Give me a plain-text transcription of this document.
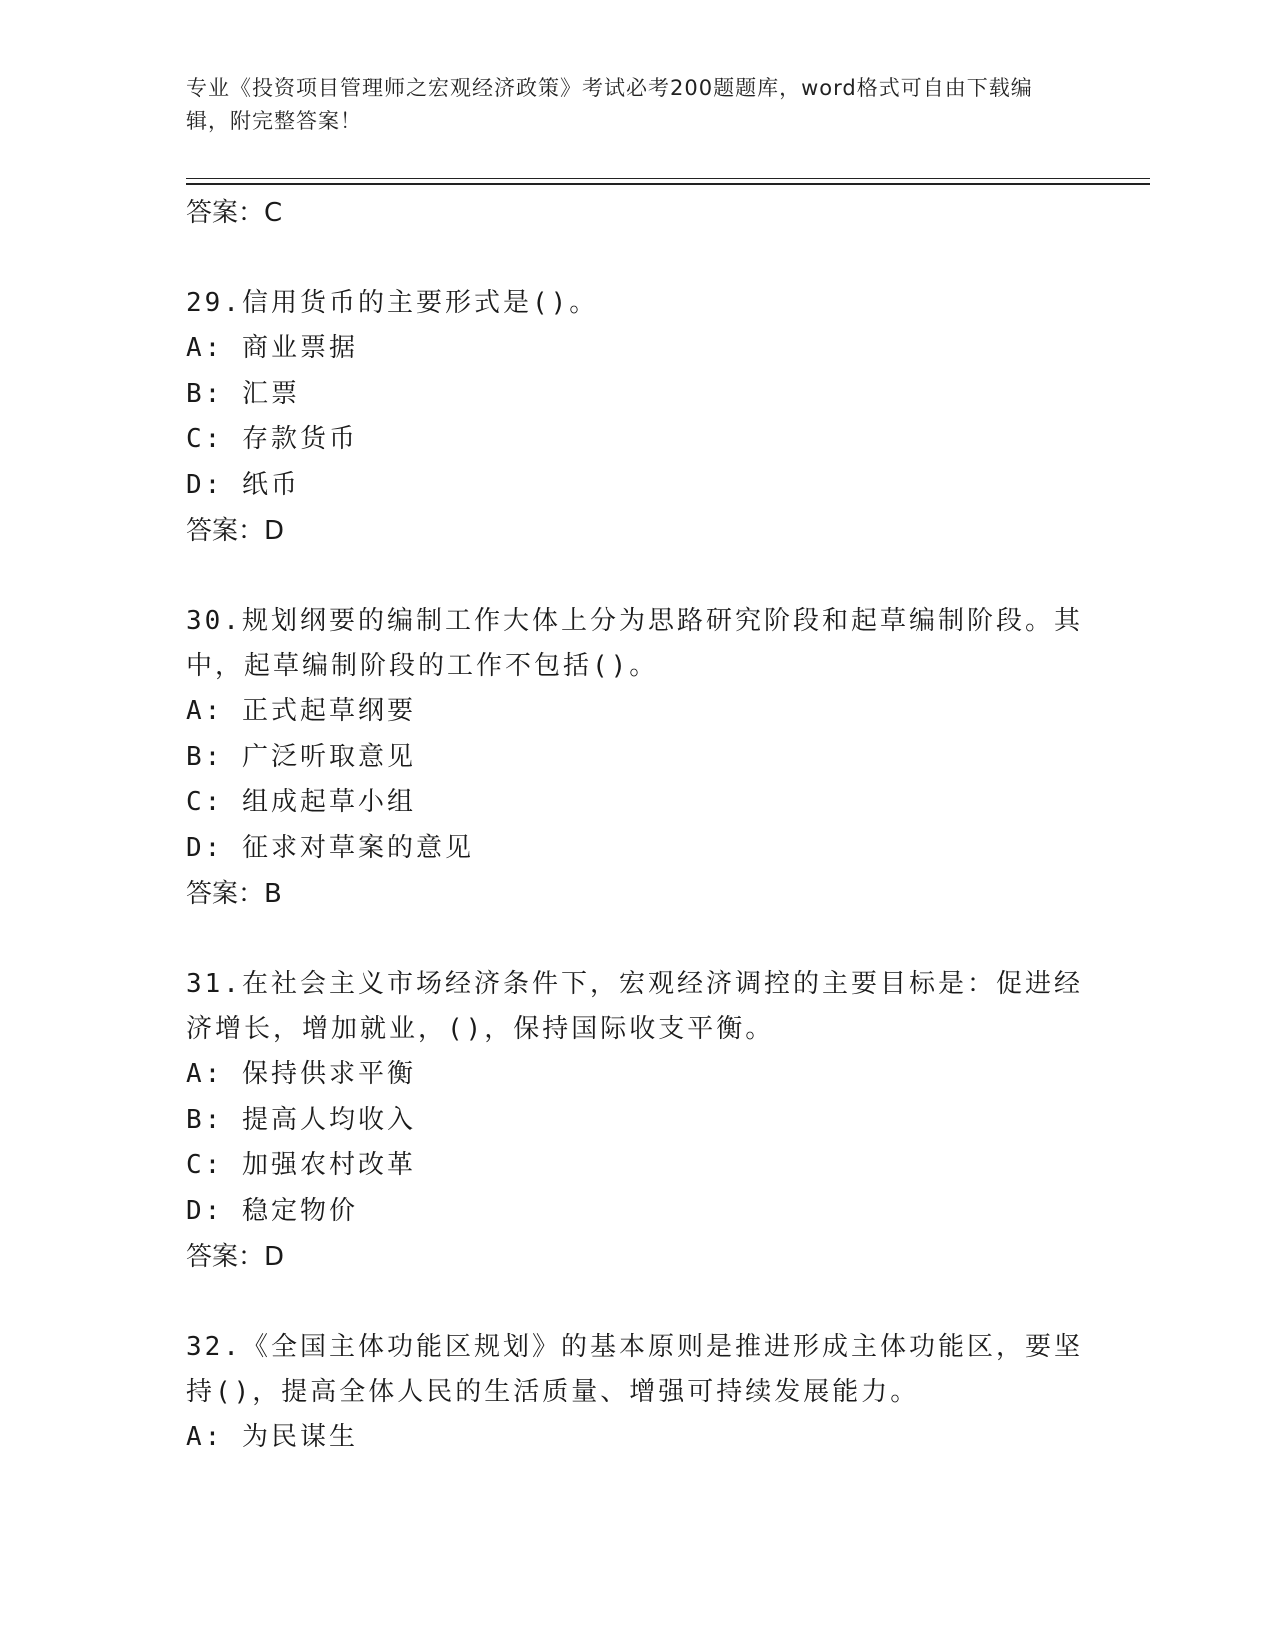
专业《投资项目管理师之宏观经济政策》考试必考200题题库，word格式可自由下载编辑，附完整答案！
答案：C
29.信用货币的主要形式是()。
A: 商业票据
B: 汇票
C: 存款货币
D: 纸币
答案：D
30.规划纲要的编制工作大体上分为思路研究阶段和起草编制阶段。其中，起草编制阶段的工作不包括()。
A: 正式起草纲要
B: 广泛听取意见
C: 组成起草小组
D: 征求对草案的意见
答案：B
31.在社会主义市场经济条件下，宏观经济调控的主要目标是：促进经济增长，增加就业，()，保持国际收支平衡。
A: 保持供求平衡
B: 提高人均收入
C: 加强农村改革
D: 稳定物价
答案：D
32.《全国主体功能区规划》的基本原则是推进形成主体功能区，要坚持()，提高全体人民的生活质量、增强可持续发展能力。
A: 为民谋生
